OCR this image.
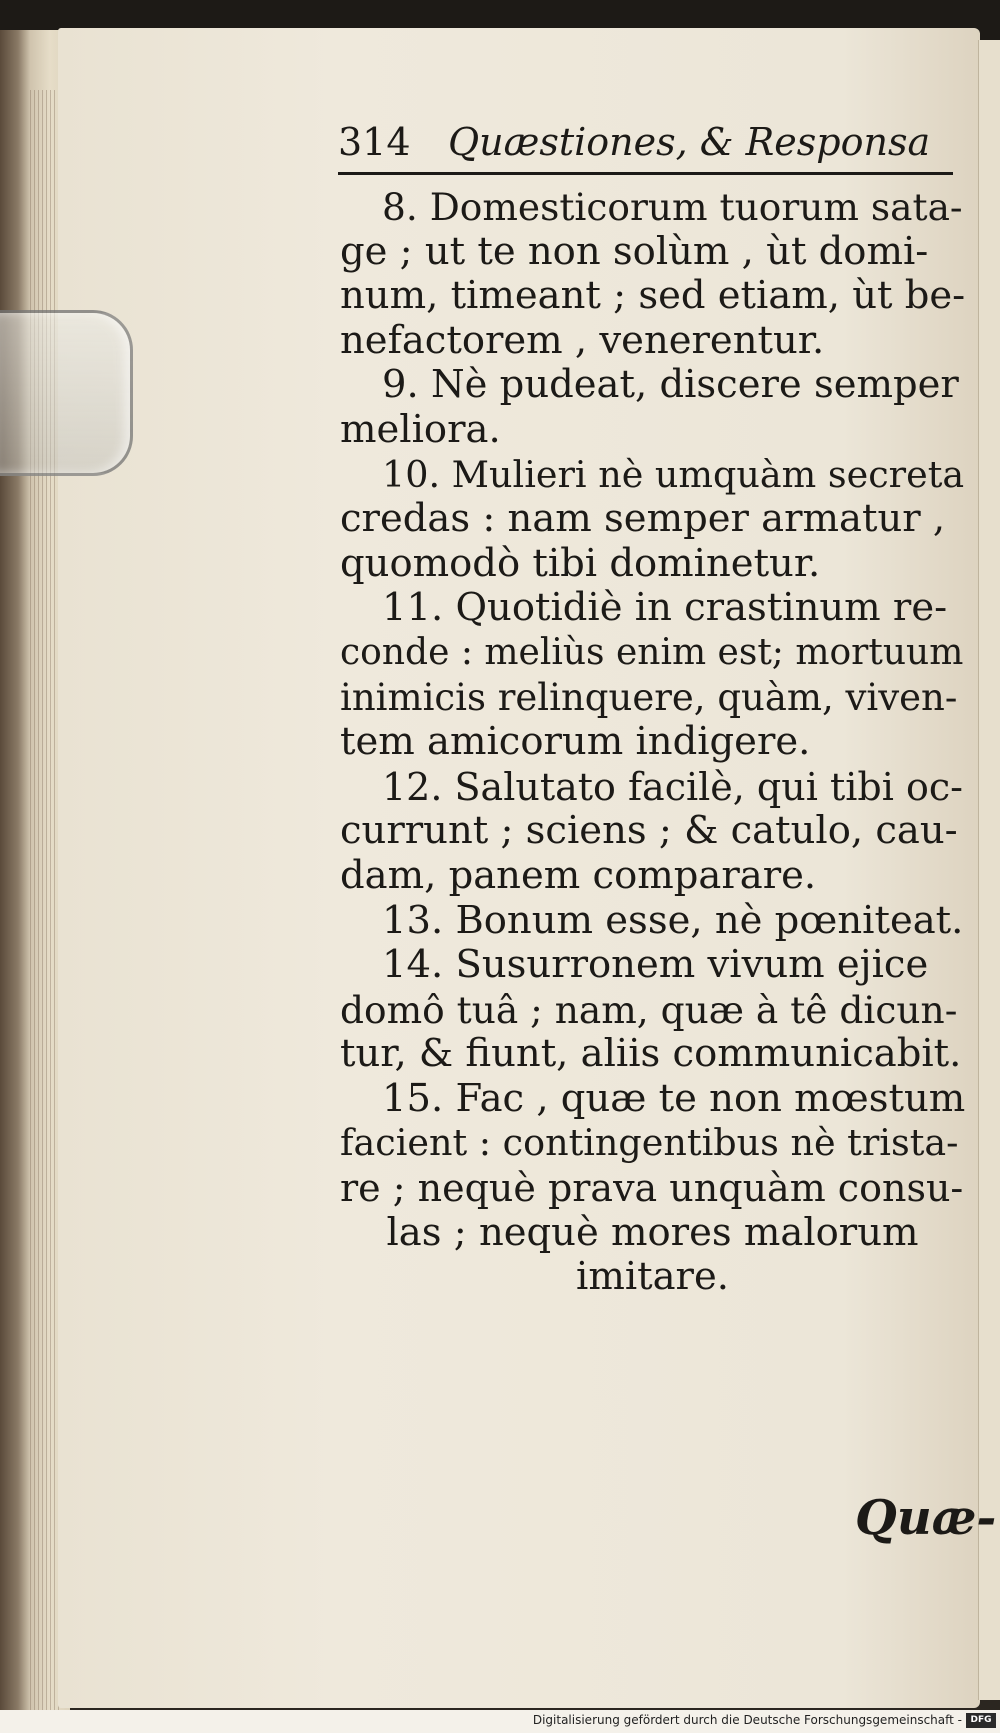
314 Quæstiones, & Responsa
8. Domesticorum tuorum sata-
ge ; ut te non solùm , ùt domi-
num, timeant ; sed etiam, ùt be-
nefactorem , venerentur.
9. Nè pudeat, discere semper
meliora.
10. Mulieri nè umquàm secreta
credas : nam semper armatur ,
quomodò tibi dominetur.
11. Quotidiè in crastinum re-
conde : meliùs enim est; mortuum
inimicis relinquere, quàm, viven-
tem amicorum indigere.
12. Salutato facilè, qui tibi oc-
currunt ; sciens ; & catulo, cau-
dam, panem comparare.
13. Bonum esse, nè pœniteat.
14. Susurronem vivum ejice
domô tuâ ; nam, quæ à tê dicun-
tur, & fiunt, aliis communicabit.
15. Fac , quæ te non mœstum
facient : contingentibus nè trista-
re ; nequè prava unquàm consu-
las ; nequè mores malorum
imitare.
Quæ-
Digitalisierung gefördert durch die Deutsche Forschungsgemeinschaft - DFG
